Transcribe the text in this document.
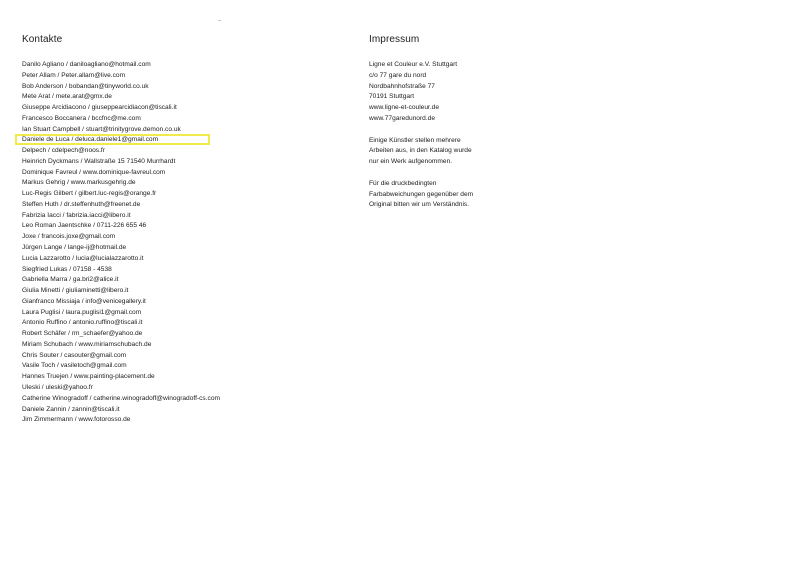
Kontakte
Danilo Agliano / daniloagliano@hotmail.com
Peter Allam / Peter.allam@live.com
Bob Anderson / bobandan@tinyworld.co.uk
Mete Arat / mete.arat@gmx.de
Giuseppe Arcidiacono / giuseppearcidiacon@tiscali.it
Francesco Boccanera / bccfnc@me.com
Ian Stuart Campbell / stuart@trinitygrove.demon.co.uk
Daniele de Luca / deluca.daniele1@gmail.com
Delpech / cdelpech@noos.fr
Heinrich Dyckmans / Wallstraße 15 71540 Murrhardt
Dominique Favreul / www.dominique-favreul.com
Markus Gehrig / www.markusgehrig.de
Luc-Regis Gilbert / gilbert.luc-regis@orange.fr
Steffen Huth / dr.steffenhuth@freenet.de
Fabrizia Iacci / fabrizia.iacci@libero.it
Leo Roman Jaentschke / 0711-226 655 46
Joxe / francois.joxe@gmail.com
Jürgen Lange / lange-ij@hotmail.de
Lucia Lazzarotto / lucia@lucialazzarotto.it
Siegfried Lukas / 07158 - 4538
Gabriella Marra / ga.bri2@alice.it
Giulia Minetti / giuliaminetti@libero.it
Gianfranco Missiaja / info@venicegallery.it
Laura Puglisi / laura.puglisi1@gmail.com
Antonio Ruffino / antonio.ruffino@tiscali.it
Robert Schäfer / rm_schaefer@yahoo.de
Miriam Schubach / www.miriamschubach.de
Chris Souter / casouter@gmail.com
Vasile Toch / vasiletoch@gmail.com
Hannes Truejen / www.painting-placement.de
Uleski / uleski@yahoo.fr
Catherine Winogradoff / catherine.winogradoff@winogradoff-cs.com
Daniele Zannin / zannin@tiscali.it
Jim Zimmermann / www.fotorosso.de
Impressum
Ligne et Couleur e.V. Stuttgart
c/o 77 gare du nord
Nordbahnhofstraße 77
70191 Stuttgart
www.ligne-et-couleur.de
www.77garedunord.de
Einige Künstler stellen mehrere
Arbeiten aus, in den Katalog wurde
nur ein Werk aufgenommen.
Für die druckbedingten
Farbabweichungen gegenüber dem
Original bitten wir um Verständnis.
